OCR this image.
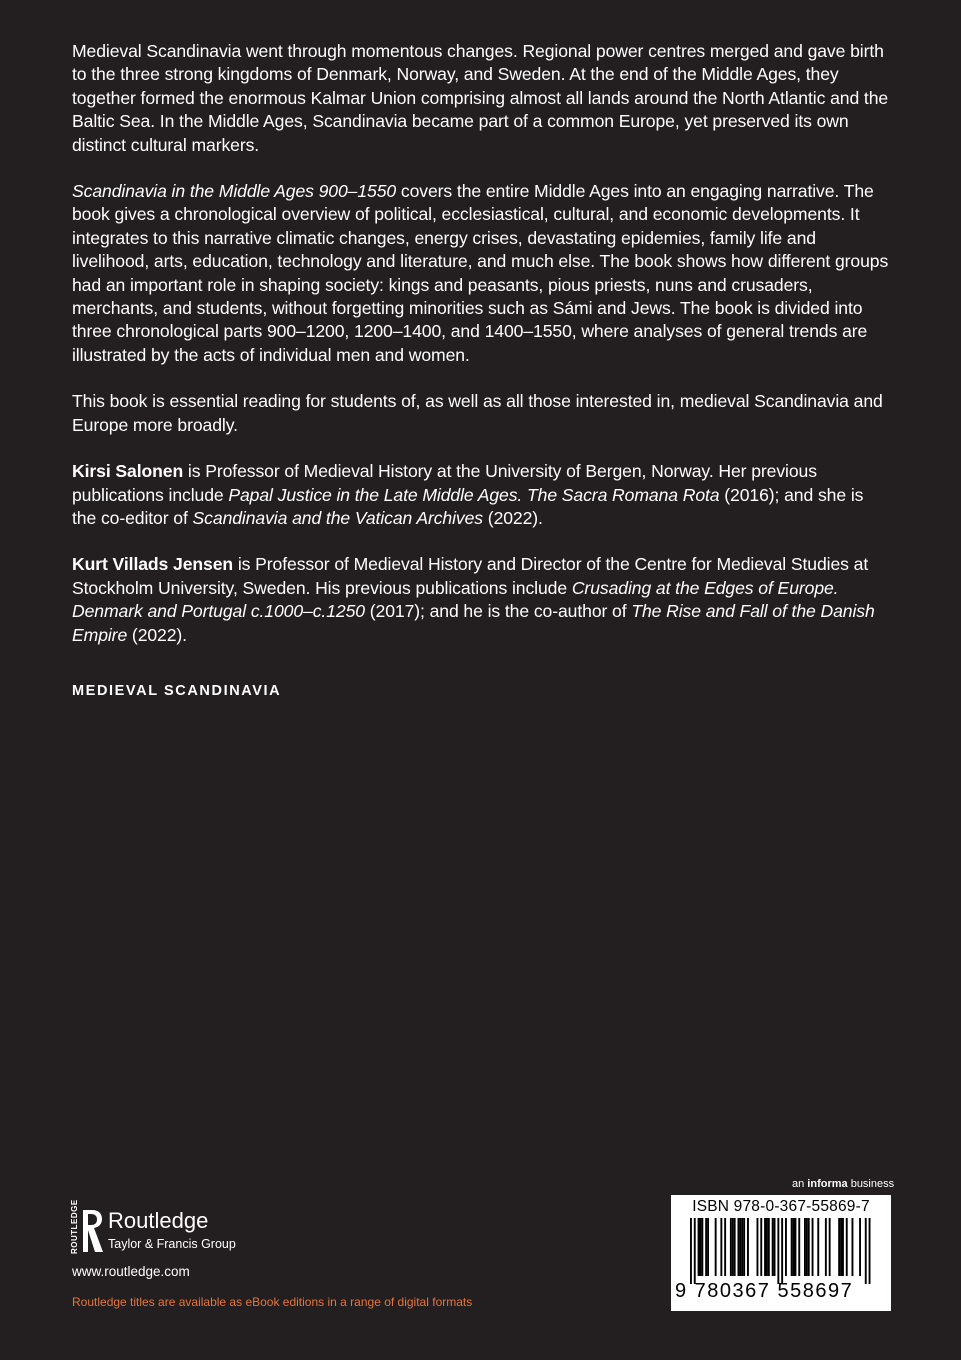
Medieval Scandinavia went through momentous changes. Regional power centres merged and gave birth to the three strong kingdoms of Denmark, Norway, and Sweden. At the end of the Middle Ages, they together formed the enormous Kalmar Union comprising almost all lands around the North Atlantic and the Baltic Sea. In the Middle Ages, Scandinavia became part of a common Europe, yet preserved its own distinct cultural markers.

Scandinavia in the Middle Ages 900–1550 covers the entire Middle Ages into an engaging narrative. The book gives a chronological overview of political, ecclesiastical, cultural, and economic developments. It integrates to this narrative climatic changes, energy crises, devastating epidemies, family life and livelihood, arts, education, technology and literature, and much else. The book shows how different groups had an important role in shaping society: kings and peasants, pious priests, nuns and crusaders, merchants, and students, without forgetting minorities such as Sámi and Jews. The book is divided into three chronological parts 900–1200, 1200–1400, and 1400–1550, where analyses of general trends are illustrated by the acts of individual men and women.

This book is essential reading for students of, as well as all those interested in, medieval Scandinavia and Europe more broadly.

Kirsi Salonen is Professor of Medieval History at the University of Bergen, Norway. Her previous publications include Papal Justice in the Late Middle Ages. The Sacra Romana Rota (2016); and she is the co-editor of Scandinavia and the Vatican Archives (2022).

Kurt Villads Jensen is Professor of Medieval History and Director of the Centre for Medieval Studies at Stockholm University, Sweden. His previous publications include Crusading at the Edges of Europe. Denmark and Portugal c.1000–c.1250 (2017); and he is the co-author of The Rise and Fall of the Danish Empire (2022).

MEDIEVAL SCANDINAVIA
ROUTLEDGE Routledge
Taylor & Francis Group
www.routledge.com
Routledge titles are available as eBook editions in a range of digital formats
an informa business
ISBN 978-0-367-55869-7
9 780367 558697
